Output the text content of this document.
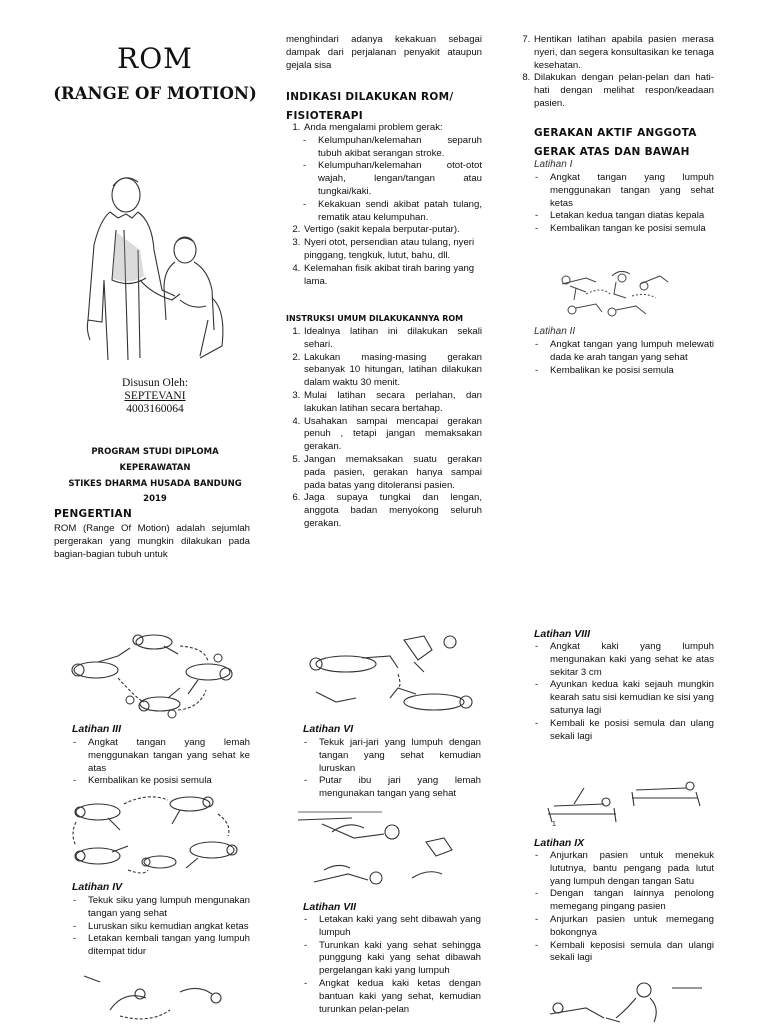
ROM
(RANGE OF MOTION)
Disusun Oleh:
SEPTEVANI
4003160064
PROGRAM STUDI DIPLOMA
KEPERAWATAN
STIKES DHARMA HUSADA BANDUNG
2019
PENGERTIAN
ROM (Range Of Motion) adalah sejumlah pergerakan yang mungkin dilakukan pada bagian-bagian tubuh untuk
menghindari adanya kekakuan sebagai dampak dari perjalanan penyakit ataupun gejala sisa
INDIKASI DILAKUKAN ROM/
FISIOTERAPI
1. Anda mengalami problem gerak:
- Kelumpuhan/kelemahan separuh tubuh akibat serangan stroke.
- Kelumpuhan/kelemahan otot-otot wajah, lengan/tangan atau tungkai/kaki.
- Kekakuan sendi akibat patah tulang, rematik atau kelumpuhan.
2. Vertigo (sakit kepala berputar-putar).
3. Nyeri otot, persendian atau tulang, nyeri pinggang, tengkuk, lutut, bahu, dll.
4. Kelemahan fisik akibat tirah baring yang lama.
INSTRUKSI UMUM DILAKUKANNYA ROM
1. Idealnya latihan ini dilakukan sekali sehari.
2. Lakukan masing-masing gerakan sebanyak 10 hitungan, latihan dilakukan dalam waktu 30 menit.
3. Mulai latihan secara perlahan, dan lakukan latihan secara bertahap.
4. Usahakan sampai mencapai gerakan penuh , tetapi jangan memaksakan gerakan.
5. Jangan memaksakan suatu gerakan pada pasien, gerakan hanya sampai pada batas yang ditoleransi pasien.
6. Jaga supaya tungkai dan lengan, anggota badan menyokong seluruh gerakan.
7. Hentikan latihan apabila pasien merasa nyeri, dan segera konsultasikan ke tenaga kesehatan.
8. Dilakukan dengan pelan-pelan dan hati-hati dengan melihat respon/keadaan pasien.
GERAKAN AKTIF ANGGOTA
GERAK ATAS DAN BAWAH
Latihan I
- Angkat tangan yang lumpuh menggunakan tangan yang sehat ketas
- Letakan kedua tangan diatas kepala
- Kembalikan tangan ke posisi semula
Latihan II
- Angkat tangan yang lumpuh melewati dada ke arah tangan yang sehat
- Kembalikan ke posisi semula
Latihan III
- Angkat tangan yang lemah menggunakan tangan yang sehat ke atas
- Kembalikan ke posisi semula
Latihan IV
- Tekuk siku yang lumpuh mengunakan tangan yang sehat
- Luruskan siku kemudian angkat ketas
- Letakan kembali tangan yang lumpuh ditempat tidur
Latihan VI
- Tekuk jari-jari yang lumpuh dengan tangan yang sehat kemudian luruskan
- Putar ibu jari yang lemah mengunakan tangan yang sehat
Latihan VII
- Letakan kaki yang seht dibawah yang lumpuh
- Turunkan kaki yang sehat sehingga punggung kaki yang sehat dibawah pergelangan kaki yang lumpuh
- Angkat kedua kaki ketas dengan bantuan kaki yang sehat, kemudian turunkan pelan-pelan
Latihan VIII
- Angkat kaki yang lumpuh mengunakan kaki yang sehat ke atas sekitar 3 cm
- Ayunkan kedua kaki sejauh mungkin kearah satu sisi kemudian ke sisi yang satunya lagi
- Kembali ke posisi semula dan ulang sekali lagi
1
Latihan IX
- Anjurkan pasien untuk menekuk lututnya, bantu pengang pada lutut yang lumpuh dengan tangan Satu
- Dengan tangan lainnya penolong memegang pingang pasien
- Anjurkan pasien untuk memegang bokongnya
- Kembali keposisi semula dan ulangi sekali lagi
